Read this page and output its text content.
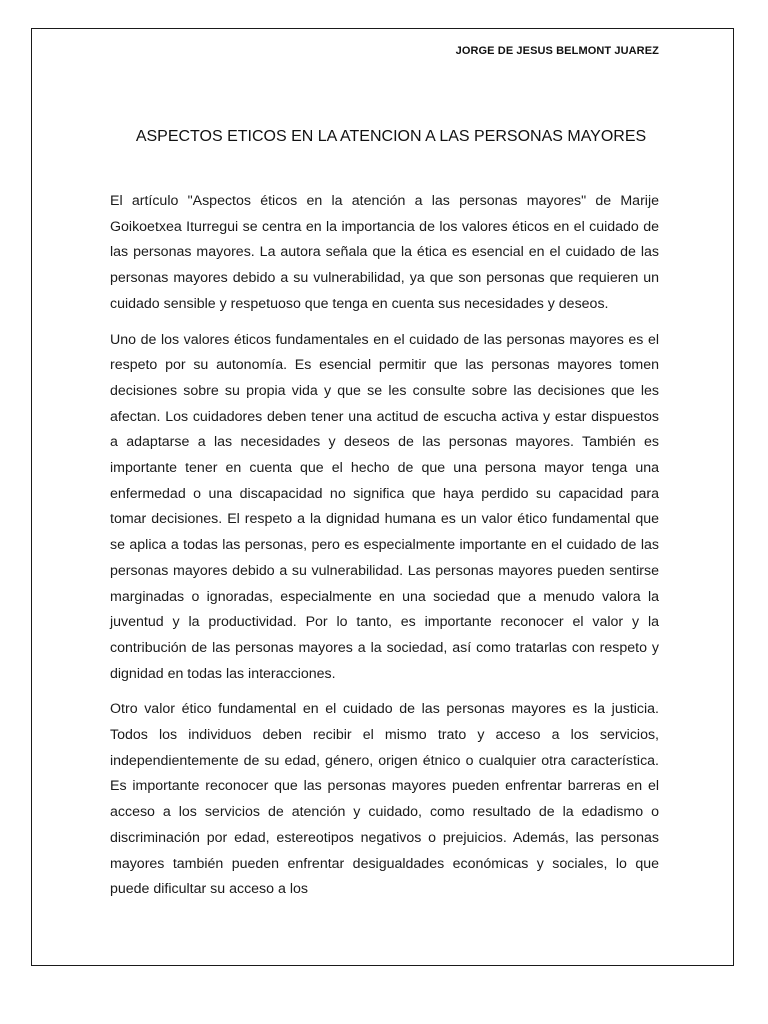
JORGE DE JESUS BELMONT JUAREZ
ASPECTOS ETICOS EN LA ATENCION A LAS PERSONAS MAYORES

El artículo "Aspectos éticos en la atención a las personas mayores" de Marije Goikoetxea Iturregui se centra en la importancia de los valores éticos en el cuidado de las personas mayores. La autora señala que la ética es esencial en el cuidado de las personas mayores debido a su vulnerabilidad, ya que son personas que requieren un cuidado sensible y respetuoso que tenga en cuenta sus necesidades y deseos.

Uno de los valores éticos fundamentales en el cuidado de las personas mayores es el respeto por su autonomía. Es esencial permitir que las personas mayores tomen decisiones sobre su propia vida y que se les consulte sobre las decisiones que les afectan. Los cuidadores deben tener una actitud de escucha activa y estar dispuestos a adaptarse a las necesidades y deseos de las personas mayores. También es importante tener en cuenta que el hecho de que una persona mayor tenga una enfermedad o una discapacidad no significa que haya perdido su capacidad para tomar decisiones. El respeto a la dignidad humana es un valor ético fundamental que se aplica a todas las personas, pero es especialmente importante en el cuidado de las personas mayores debido a su vulnerabilidad. Las personas mayores pueden sentirse marginadas o ignoradas, especialmente en una sociedad que a menudo valora la juventud y la productividad. Por lo tanto, es importante reconocer el valor y la contribución de las personas mayores a la sociedad, así como tratarlas con respeto y dignidad en todas las interacciones.

Otro valor ético fundamental en el cuidado de las personas mayores es la justicia. Todos los individuos deben recibir el mismo trato y acceso a los servicios, independientemente de su edad, género, origen étnico o cualquier otra característica. Es importante reconocer que las personas mayores pueden enfrentar barreras en el acceso a los servicios de atención y cuidado, como resultado de la edadismo o discriminación por edad, estereotipos negativos o prejuicios. Además, las personas mayores también pueden enfrentar desigualdades económicas y sociales, lo que puede dificultar su acceso a los
